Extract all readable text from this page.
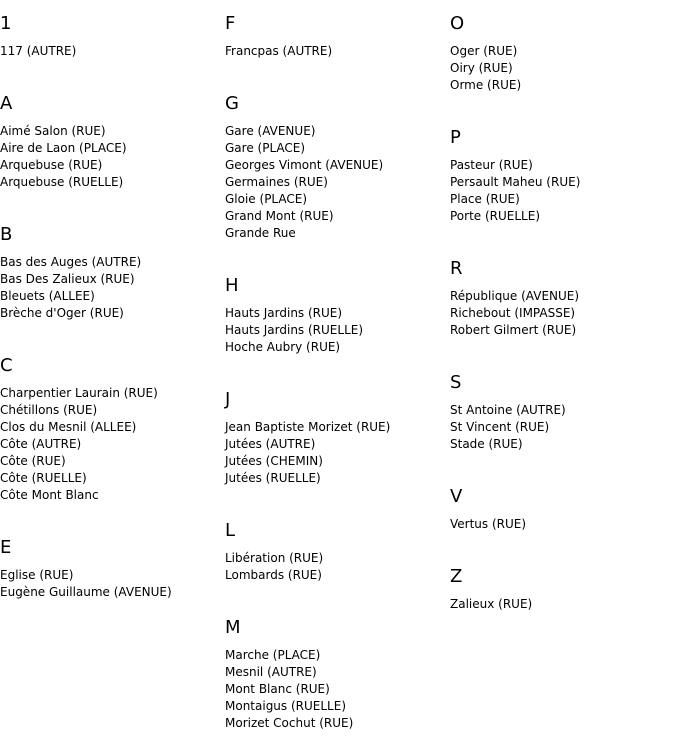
1
117 (AUTRE)
A
Aimé Salon (RUE)
Aire de Laon (PLACE)
Arquebuse (RUE)
Arquebuse (RUELLE)
B
Bas des Auges (AUTRE)
Bas Des Zalieux (RUE)
Bleuets (ALLEE)
Brèche d'Oger (RUE)
C
Charpentier Laurain (RUE)
Chétillons (RUE)
Clos du Mesnil (ALLEE)
Côte (AUTRE)
Côte (RUE)
Côte (RUELLE)
Côte Mont Blanc
E
Eglise (RUE)
Eugène Guillaume (AVENUE)
F
Francpas (AUTRE)
G
Gare (AVENUE)
Gare (PLACE)
Georges Vimont (AVENUE)
Germaines (RUE)
Gloie (PLACE)
Grand Mont (RUE)
Grande Rue
H
Hauts Jardins (RUE)
Hauts Jardins (RUELLE)
Hoche Aubry (RUE)
J
Jean Baptiste Morizet (RUE)
Jutées (AUTRE)
Jutées (CHEMIN)
Jutées (RUELLE)
L
Libération (RUE)
Lombards (RUE)
M
Marche (PLACE)
Mesnil (AUTRE)
Mont Blanc (RUE)
Montaigus (RUELLE)
Morizet Cochut (RUE)
O
Oger (RUE)
Oiry (RUE)
Orme (RUE)
P
Pasteur (RUE)
Persault Maheu (RUE)
Place (RUE)
Porte (RUELLE)
R
République (AVENUE)
Richebout (IMPASSE)
Robert Gilmert (RUE)
S
St Antoine (AUTRE)
St Vincent (RUE)
Stade (RUE)
V
Vertus (RUE)
Z
Zalieux (RUE)
